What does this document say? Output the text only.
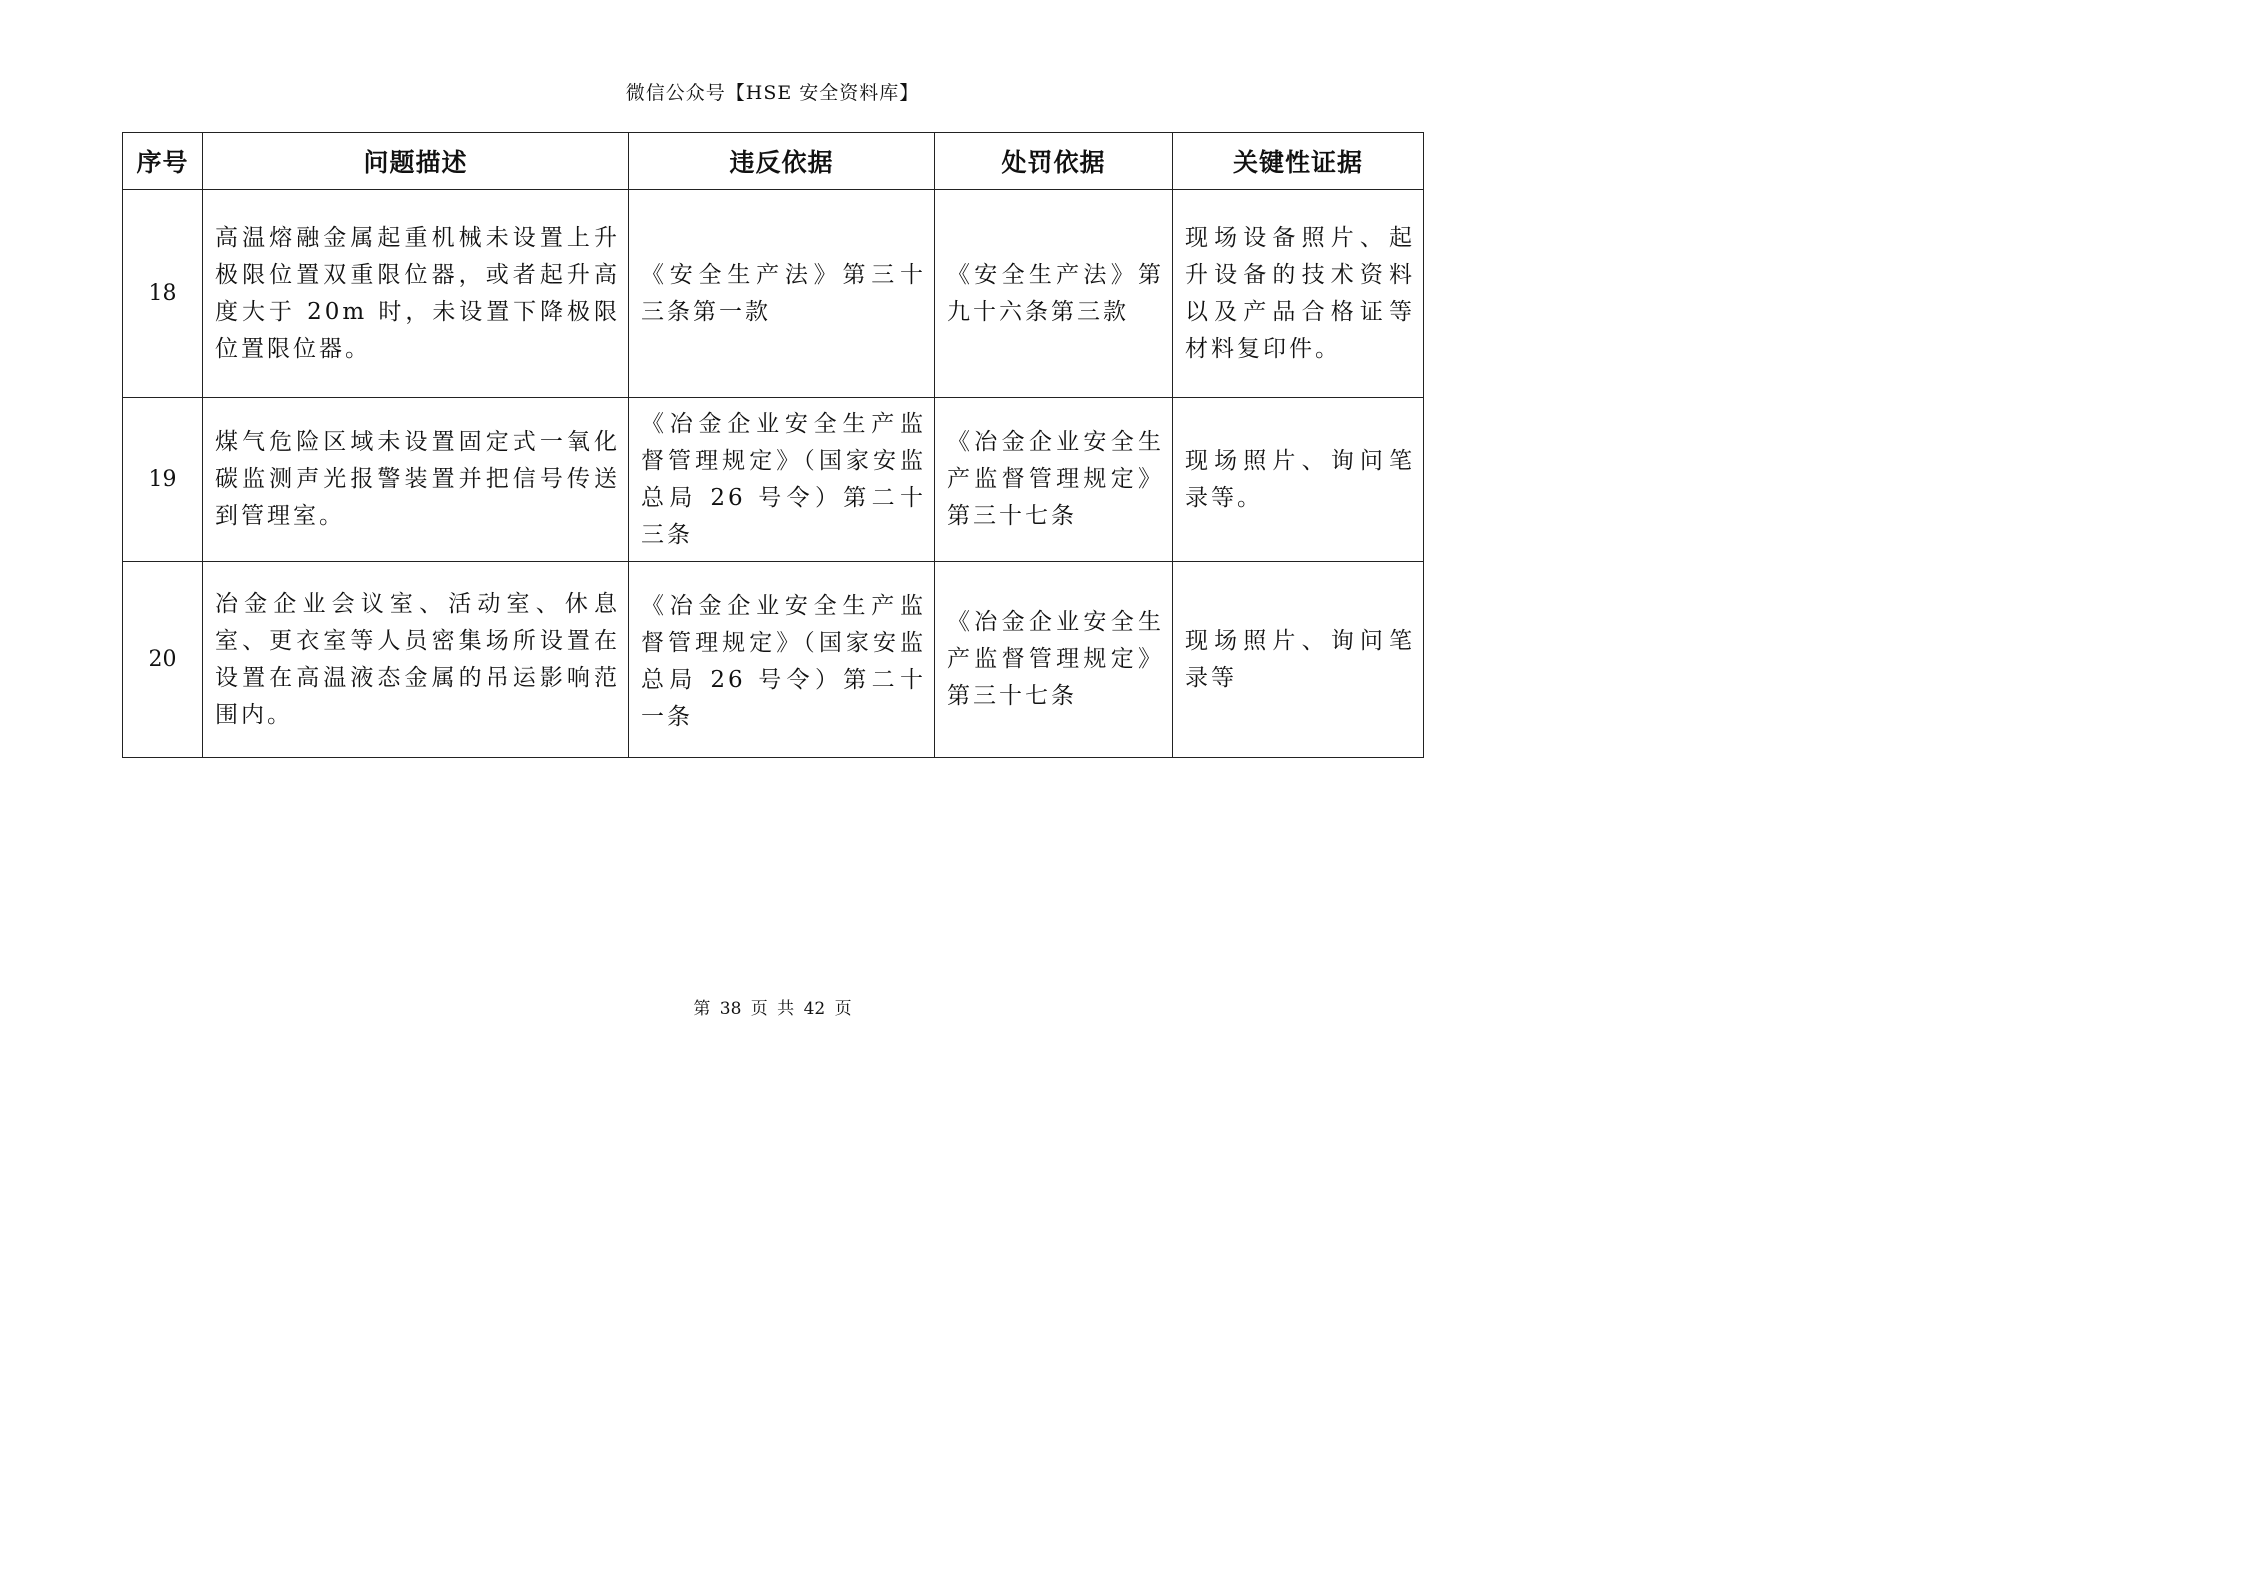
微信公众号【HSE 安全资料库】
序号	问题描述	违反依据	处罚依据	关键性证据
18	高温熔融金属起重机械未设置上升极限位置双重限位器，或者起升高度大于 20m 时，未设置下降极限位置限位器。	《安全生产法》第三十三条第一款	《安全生产法》第九十六条第三款	现场设备照片、起升设备的技术资料以及产品合格证等材料复印件。
19	煤气危险区域未设置固定式一氧化碳监测声光报警装置并把信号传送到管理室。	《冶金企业安全生产监督管理规定》（国家安监总局 26 号令）第二十三条	《冶金企业安全生产监督管理规定》第三十七条	现场照片、询问笔录等。
20	冶金企业会议室、活动室、休息室、更衣室等人员密集场所设置在设置在高温液态金属的吊运影响范围内。	《冶金企业安全生产监督管理规定》（国家安监总局 26 号令）第二十一条	《冶金企业安全生产监督管理规定》第三十七条	现场照片、询问笔录等
第 38 页 共 42 页
